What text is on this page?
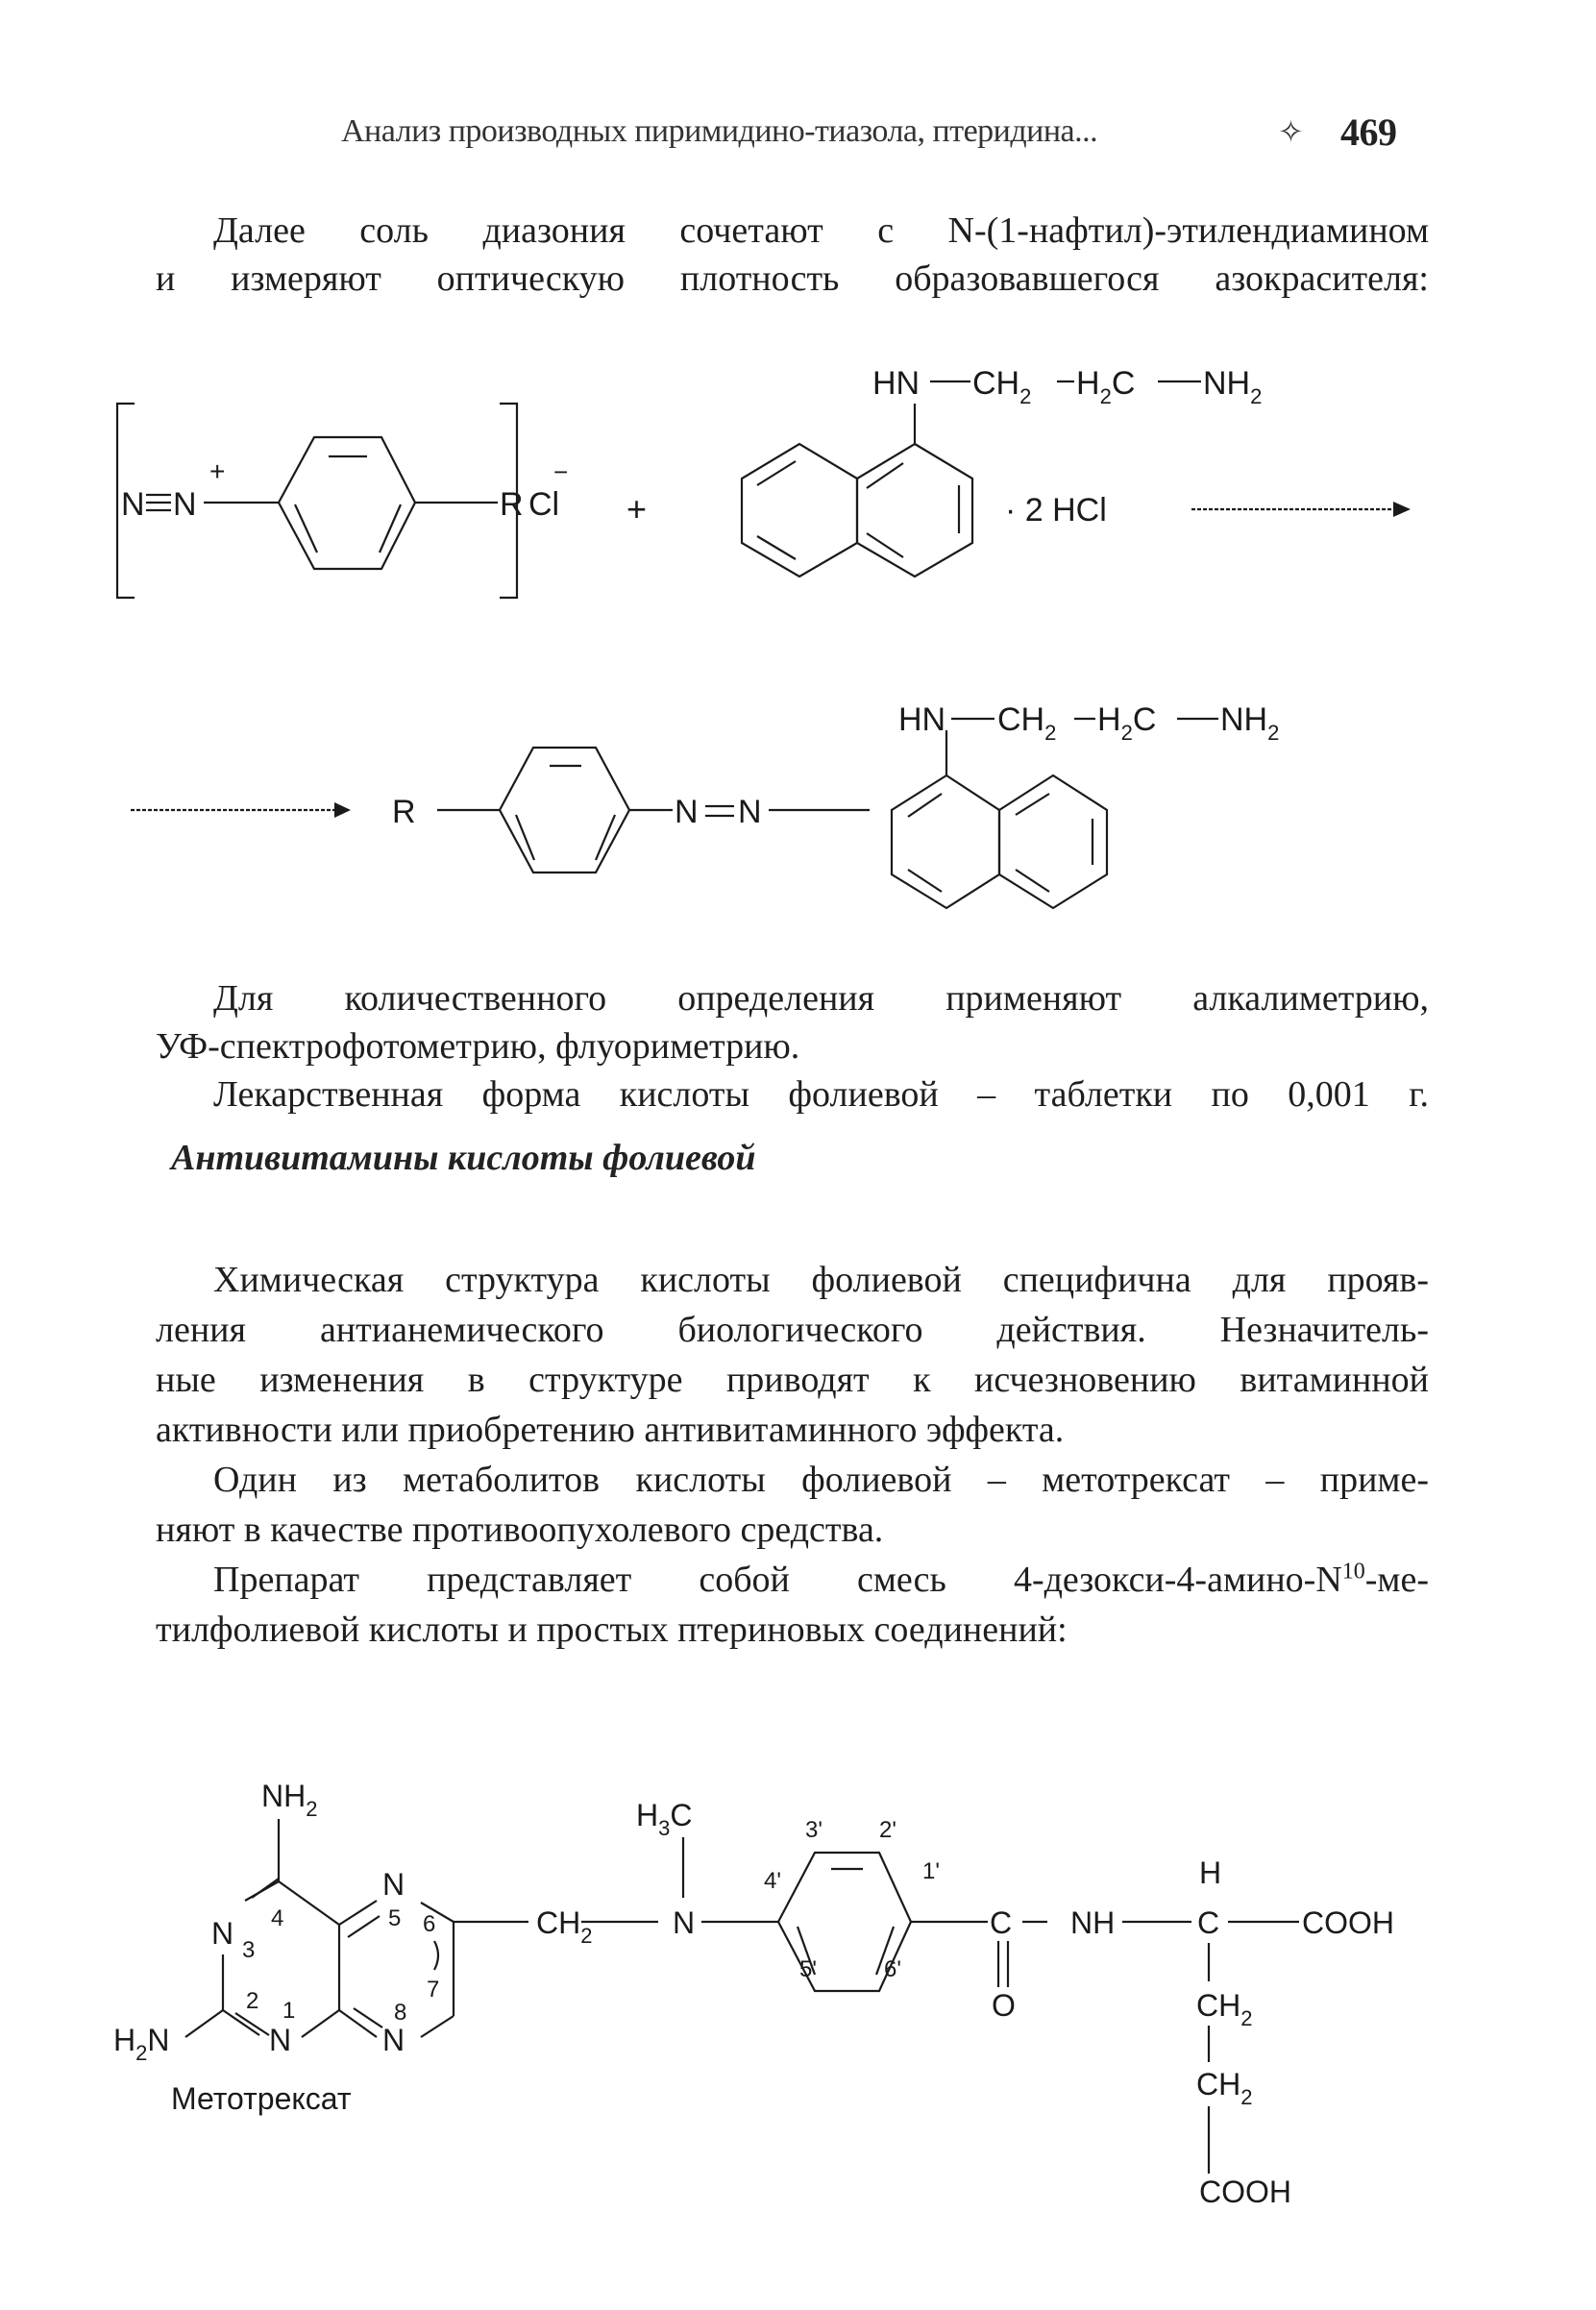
Анализ производных пиримидино-тиазола, птеридина...	✧ 469
Далее соль диазония сочетают с N-(1-нафтил)-этилендиамином
и измеряют оптическую плотность образовавшегося азокрасителя:
N N
+
R Cl
−
+
HN $CH_2$ $H_2C$ $NH_2$
· 2 HCl
R	N N
HN $CH_2$ $H_2C$ $NH_2$
$NH_2$
$H_2N$
N
N
N
N
1
2
3
4	5 6
7
8
$CH_2$	N
$H_3C$
1'
2'
3'
4'
5'	6'
C
O
NH
H
C	COOH
$CH_2$
$CH_2$
COOH
Метотрексат
Для количественного определения применяют алкалиметрию,
УФ-спектрофотометрию, флуориметрию.
Лекарственная форма кислоты фолиевой – таблетки по 0,001 г.
Антивитамины кислоты фолиевой
Химическая структура кислоты фолиевой специфична для прояв-
ления антианемического биологического действия. Незначитель-
ные изменения в структуре приводят к исчезновению витаминной
активности или приобретению антивитаминного эффекта.
Один из метаболитов кислоты фолиевой – метотрексат – приме-
няют в качестве противоопухолевого средства.
Препарат представляет собой смесь $4-дезокси-4-амино-N^{10}-ме-$
тилфолиевой кислоты и простых птериновых соединений:
